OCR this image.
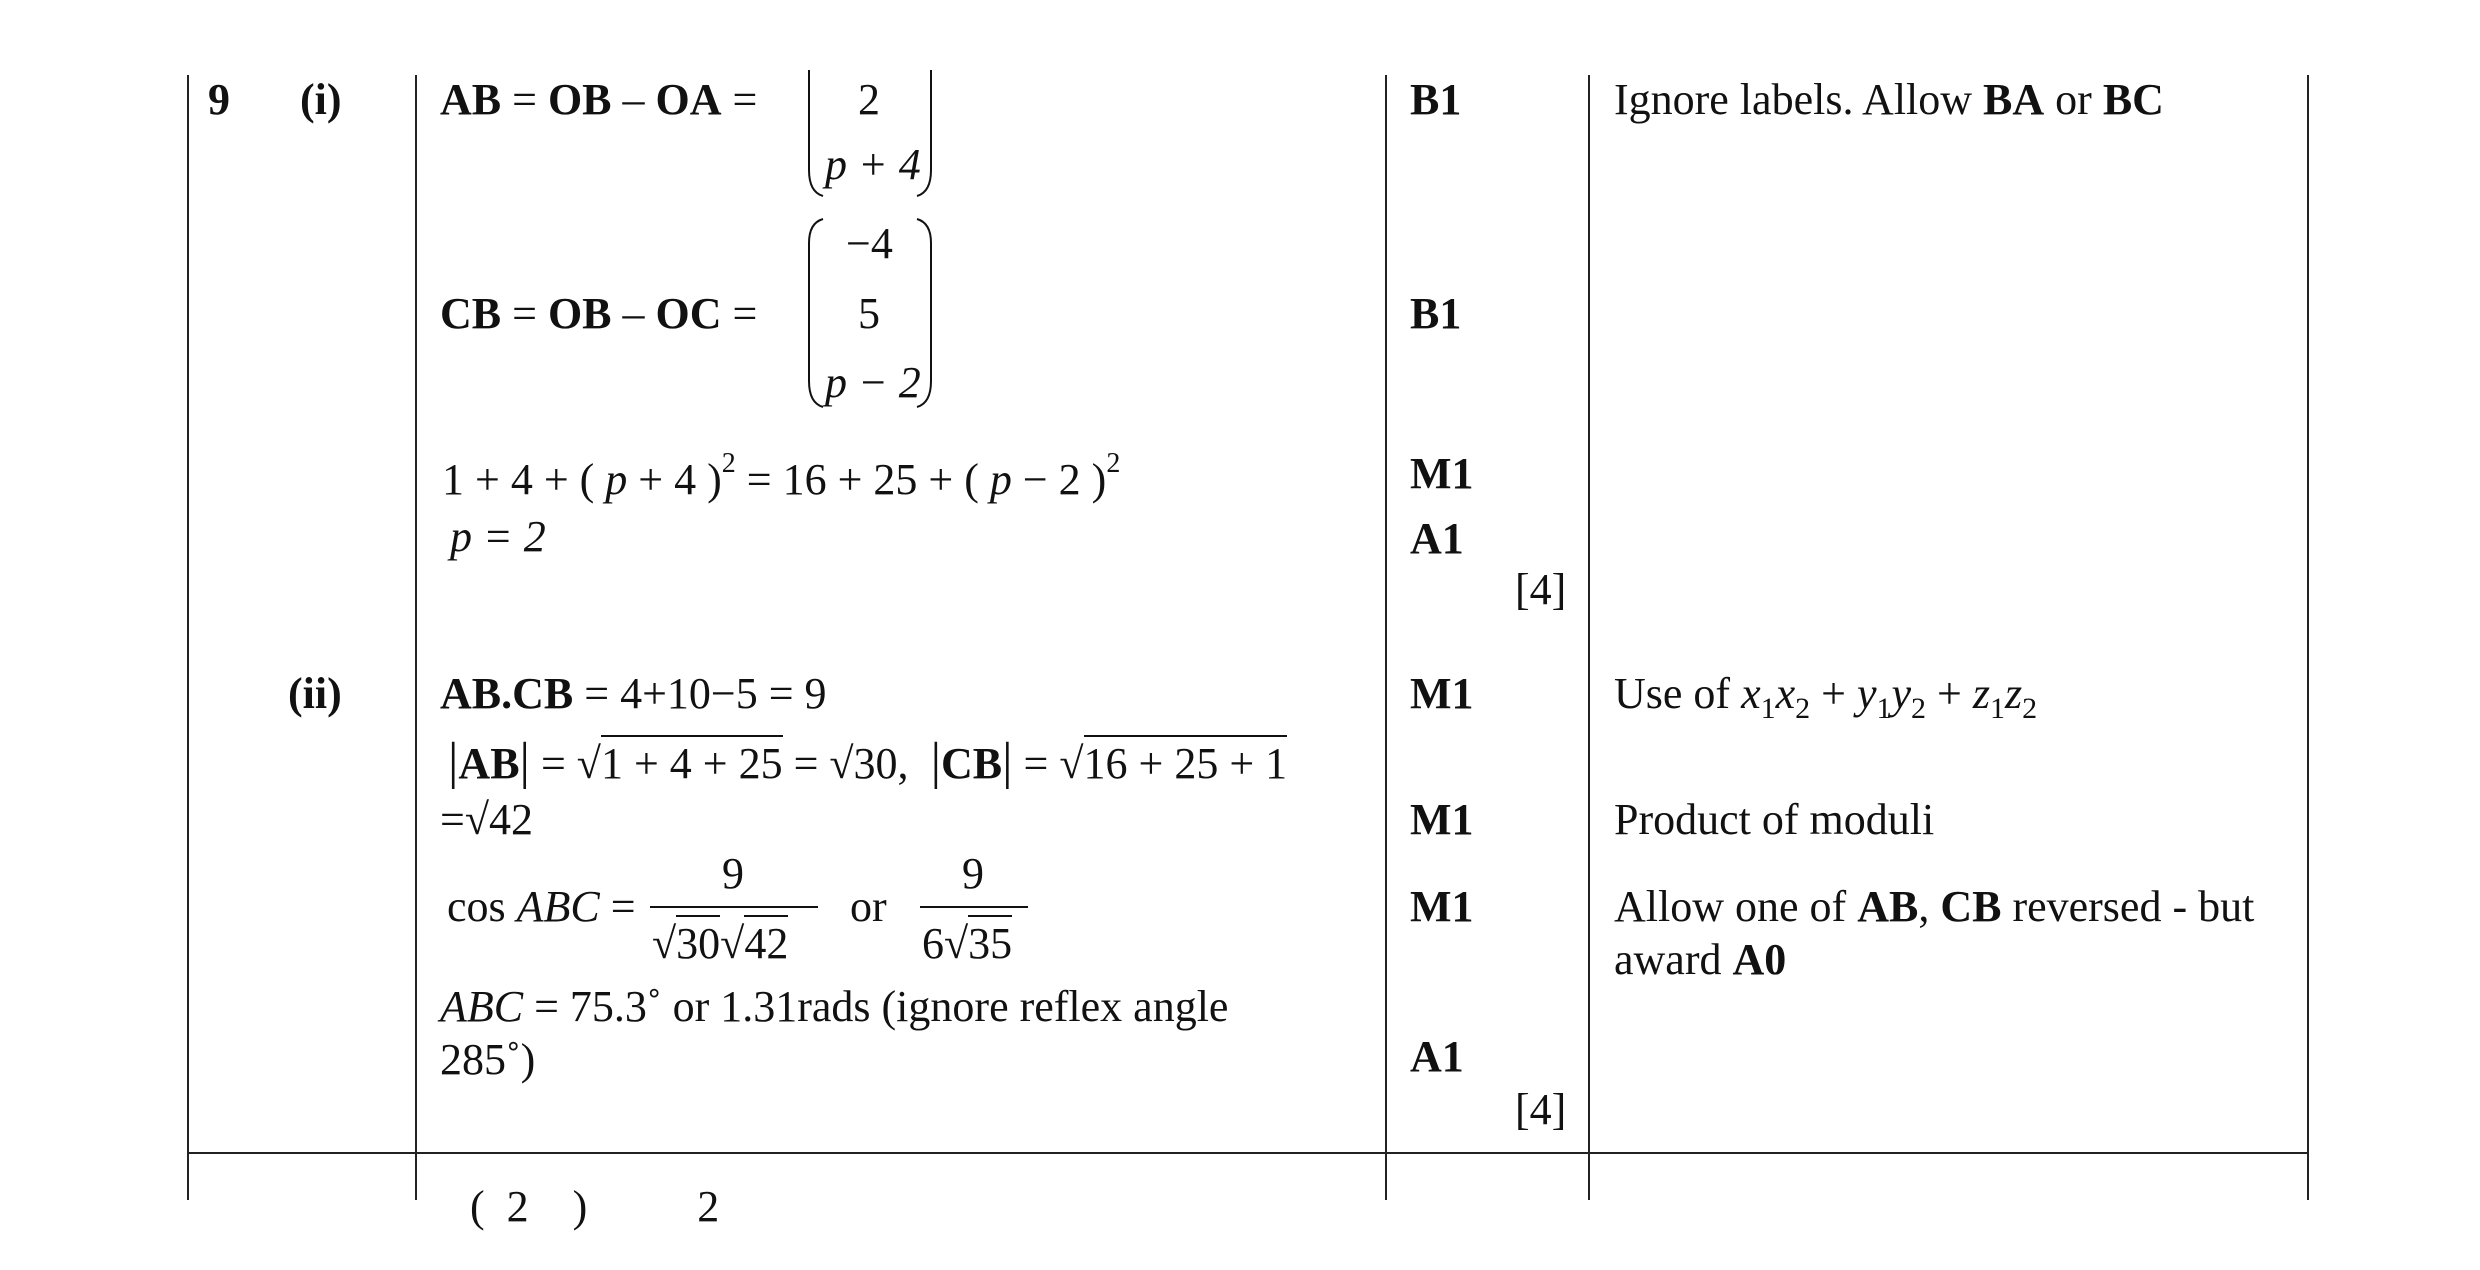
9 (i)
(ii)
AB = OB – OA = 2
p + 4
CB = OB – OC =
−4
5
p − 2
1 + 4 + ( p + 4 )$^2$ = 16 + 25 + ( p − 2 )$^2$
p = 2
B1
B1
M1
A1
[4]
Ignore labels. Allow BA or BC
AB.CB = 4+10−5 = 9
|AB| = √1 + 4 + 25 = √30, |CB| = √16 + 25 + 1
=√42
cos ABC =
9
√30√42
or
9
6√35
ABC = 75.3˚ or 1.31rads (ignore reflex angle
285˚)
M1
M1
M1
A1
[4]
Use of $x_1x_2 + y_1y_2 + z_1z_2$
Product of moduli
Allow one of AB, CB reversed - but
award A0
(  2    )          2
